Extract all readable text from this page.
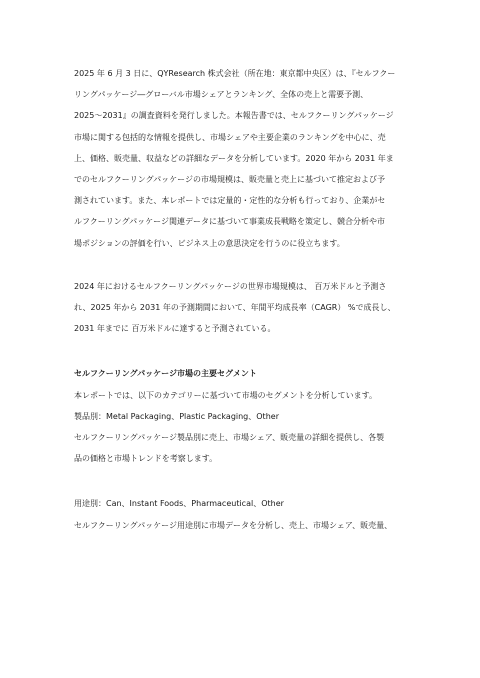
2025 年 6 月 3 日に、QYResearch 株式会社（所在地：東京都中央区）は、『セルフクー

リングパッケージ―グローバル市場シェアとランキング、全体の売上と需要予測、

2025～2031』の調査資料を発行しました。本報告書では、セルフクーリングパッケージ

市場に関する包括的な情報を提供し、市場シェアや主要企業のランキングを中心に、売

上、価格、販売量、収益などの詳細なデータを分析しています。2020 年から 2031 年ま

でのセルフクーリングパッケージの市場規模は、販売量と売上に基づいて推定および予

測されています。また、本レポートでは定量的・定性的な分析も行っており、企業がセ

ルフクーリングパッケージ関連データに基づいて事業成長戦略を策定し、競合分析や市

場ポジションの評価を行い、ビジネス上の意思決定を行うのに役立ちます。

2024 年におけるセルフクーリングパッケージの世界市場規模は、 百万米ドルと予測さ

れ、2025 年から 2031 年の予測期間において、年間平均成長率（CAGR） %で成長し、

2031 年までに 百万米ドルに達すると予測されている。

セルフクーリングパッケージ市場の主要セグメント

本レポートでは、以下のカテゴリーに基づいて市場のセグメントを分析しています。

製品別：Metal Packaging、Plastic Packaging、Other

セルフクーリングパッケージ製品別に売上、市場シェア、販売量の詳細を提供し、各製

品の価格と市場トレンドを考察します。

用途別：Can、Instant Foods、Pharmaceutical、Other

セルフクーリングパッケージ用途別に市場データを分析し、売上、市場シェア、販売量、
